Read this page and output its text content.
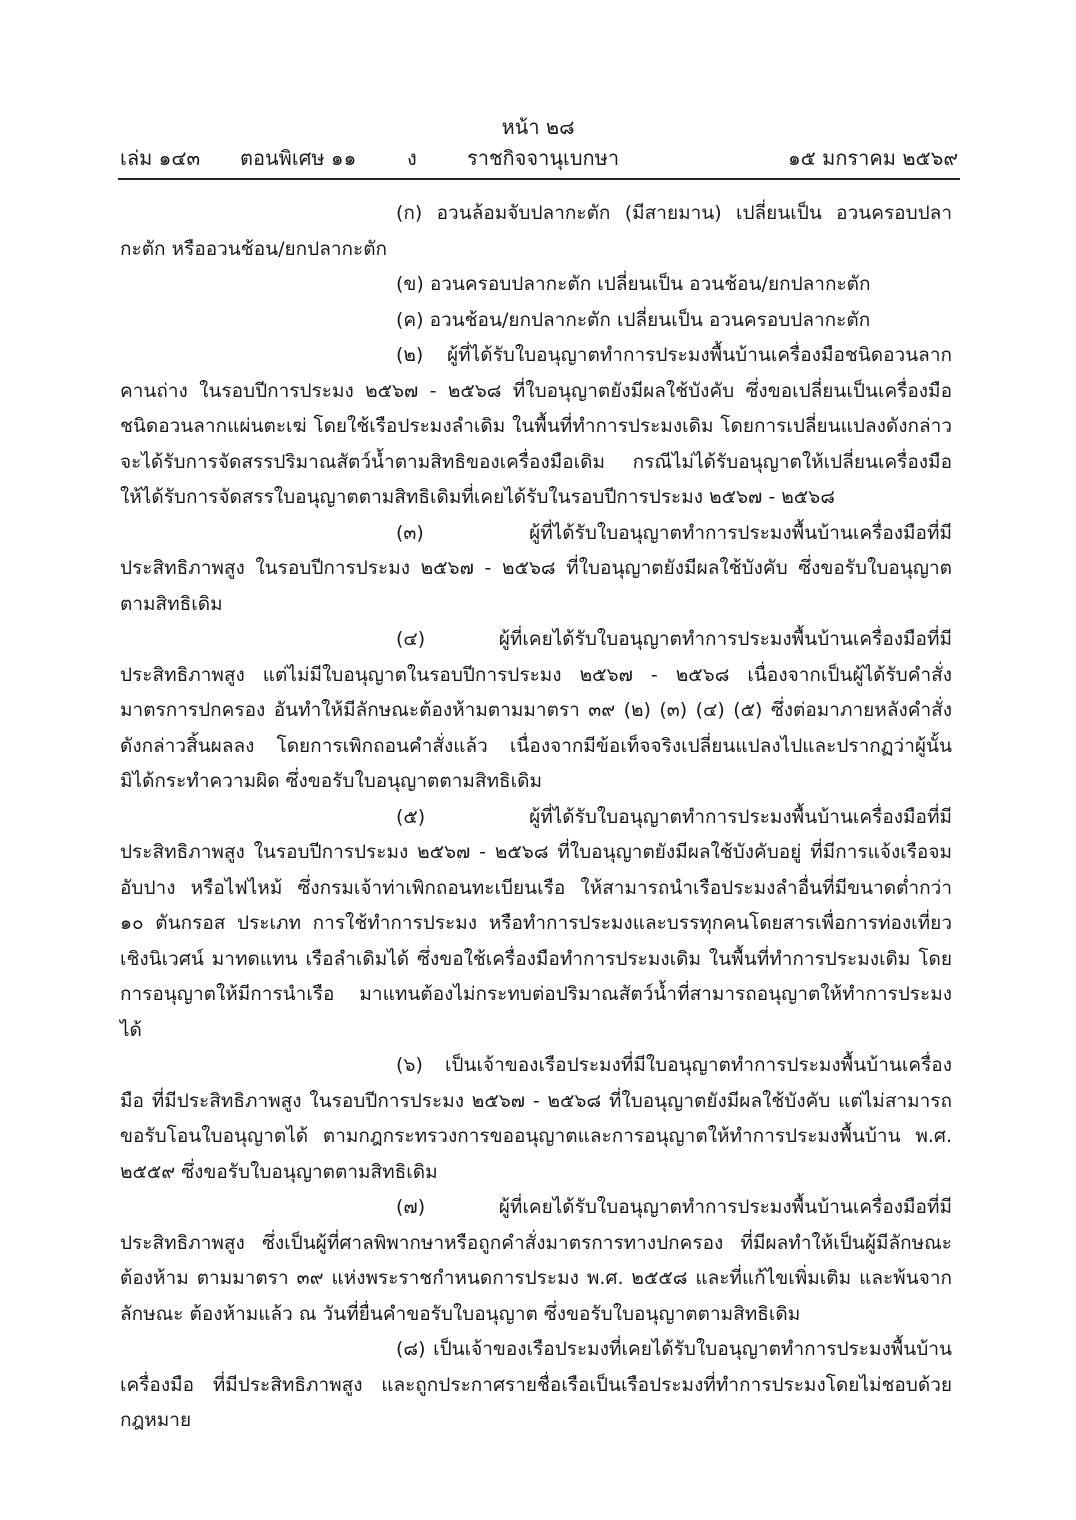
หน้า ๒๘
เล่ม ๑๔๓ ตอนพิเศษ ๑๑	ง	ราชกิจจานุเบกษา	๑๕ มกราคม ๒๕๖๙

(ก) อวนล้อมจับปลากะตัก (มีสายมาน) เปลี่ยนเป็น อวนครอบปลากะตัก หรืออวนช้อน/ยกปลากะตัก

(ข) อวนครอบปลากะตัก เปลี่ยนเป็น อวนช้อน/ยกปลากะตัก

(ค) อวนช้อน/ยกปลากะตัก เปลี่ยนเป็น อวนครอบปลากะตัก

(๒) ผู้ที่ได้รับใบอนุญาตทำการประมงพื้นบ้านเครื่องมือชนิดอวนลากคานถ่าง ในรอบปีการประมง ๒๕๖๗ - ๒๕๖๘ ที่ใบอนุญาตยังมีผลใช้บังคับ ซึ่งขอเปลี่ยนเป็นเครื่องมือชนิดอวนลากแผ่นตะเฆ่ โดยใช้เรือประมงลำเดิม ในพื้นที่ทำการประมงเดิม โดยการเปลี่ยนแปลงดังกล่าวจะได้รับการจัดสรรปริมาณสัตว์น้ำตามสิทธิของเครื่องมือเดิม กรณีไม่ได้รับอนุญาตให้เปลี่ยนเครื่องมือให้ได้รับการจัดสรรใบอนุญาตตามสิทธิเดิมที่เคยได้รับในรอบปีการประมง ๒๕๖๗ - ๒๕๖๘

(๓) ผู้ที่ได้รับใบอนุญาตทำการประมงพื้นบ้านเครื่องมือที่มีประสิทธิภาพสูง ในรอบปีการประมง ๒๕๖๗ - ๒๕๖๘ ที่ใบอนุญาตยังมีผลใช้บังคับ ซึ่งขอรับใบอนุญาตตามสิทธิเดิม

(๔) ผู้ที่เคยได้รับใบอนุญาตทำการประมงพื้นบ้านเครื่องมือที่มีประสิทธิภาพสูง แต่ไม่มีใบอนุญาตในรอบปีการประมง ๒๕๖๗ - ๒๕๖๘ เนื่องจากเป็นผู้ได้รับคำสั่งมาตรการปกครอง อันทำให้มีลักษณะต้องห้ามตามมาตรา ๓๙ (๒) (๓) (๔) (๕) ซึ่งต่อมาภายหลังคำสั่งดังกล่าวสิ้นผลลง โดยการเพิกถอนคำสั่งแล้ว เนื่องจากมีข้อเท็จจริงเปลี่ยนแปลงไปและปรากฏว่าผู้นั้นมิได้กระทำความผิด ซึ่งขอรับใบอนุญาตตามสิทธิเดิม

(๕) ผู้ที่ได้รับใบอนุญาตทำการประมงพื้นบ้านเครื่องมือที่มีประสิทธิภาพสูง ในรอบปีการประมง ๒๕๖๗ - ๒๕๖๘ ที่ใบอนุญาตยังมีผลใช้บังคับอยู่ ที่มีการแจ้งเรือจม อับปาง หรือไฟไหม้ ซึ่งกรมเจ้าท่าเพิกถอนทะเบียนเรือ ให้สามารถนำเรือประมงลำอื่นที่มีขนาดต่ำกว่า ๑๐ ตันกรอส ประเภท การใช้ทำการประมง หรือทำการประมงและบรรทุกคนโดยสารเพื่อการท่องเที่ยวเชิงนิเวศน์ มาทดแทน เรือลำเดิมได้ ซึ่งขอใช้เครื่องมือทำการประมงเดิม ในพื้นที่ทำการประมงเดิม โดยการอนุญาตให้มีการนำเรือ มาแทนต้องไม่กระทบต่อปริมาณสัตว์น้ำที่สามารถอนุญาตให้ทำการประมงได้

(๖) เป็นเจ้าของเรือประมงที่มีใบอนุญาตทำการประมงพื้นบ้านเครื่องมือ ที่มีประสิทธิภาพสูง ในรอบปีการประมง ๒๕๖๗ - ๒๕๖๘ ที่ใบอนุญาตยังมีผลใช้บังคับ แต่ไม่สามารถ ขอรับโอนใบอนุญาตได้ ตามกฎกระทรวงการขออนุญาตและการอนุญาตให้ทำการประมงพื้นบ้าน พ.ศ. ๒๕๕๙ ซึ่งขอรับใบอนุญาตตามสิทธิเดิม

(๗) ผู้ที่เคยได้รับใบอนุญาตทำการประมงพื้นบ้านเครื่องมือที่มีประสิทธิภาพสูง ซึ่งเป็นผู้ที่ศาลพิพากษาหรือถูกคำสั่งมาตรการทางปกครอง ที่มีผลทำให้เป็นผู้มีลักษณะต้องห้าม ตามมาตรา ๓๙ แห่งพระราชกำหนดการประมง พ.ศ. ๒๕๕๘ และที่แก้ไขเพิ่มเติม และพ้นจากลักษณะ ต้องห้ามแล้ว ณ วันที่ยื่นคำขอรับใบอนุญาต ซึ่งขอรับใบอนุญาตตามสิทธิเดิม

(๘) เป็นเจ้าของเรือประมงที่เคยได้รับใบอนุญาตทำการประมงพื้นบ้านเครื่องมือ ที่มีประสิทธิภาพสูง และถูกประกาศรายชื่อเรือเป็นเรือประมงที่ทำการประมงโดยไม่ชอบด้วยกฎหมาย
